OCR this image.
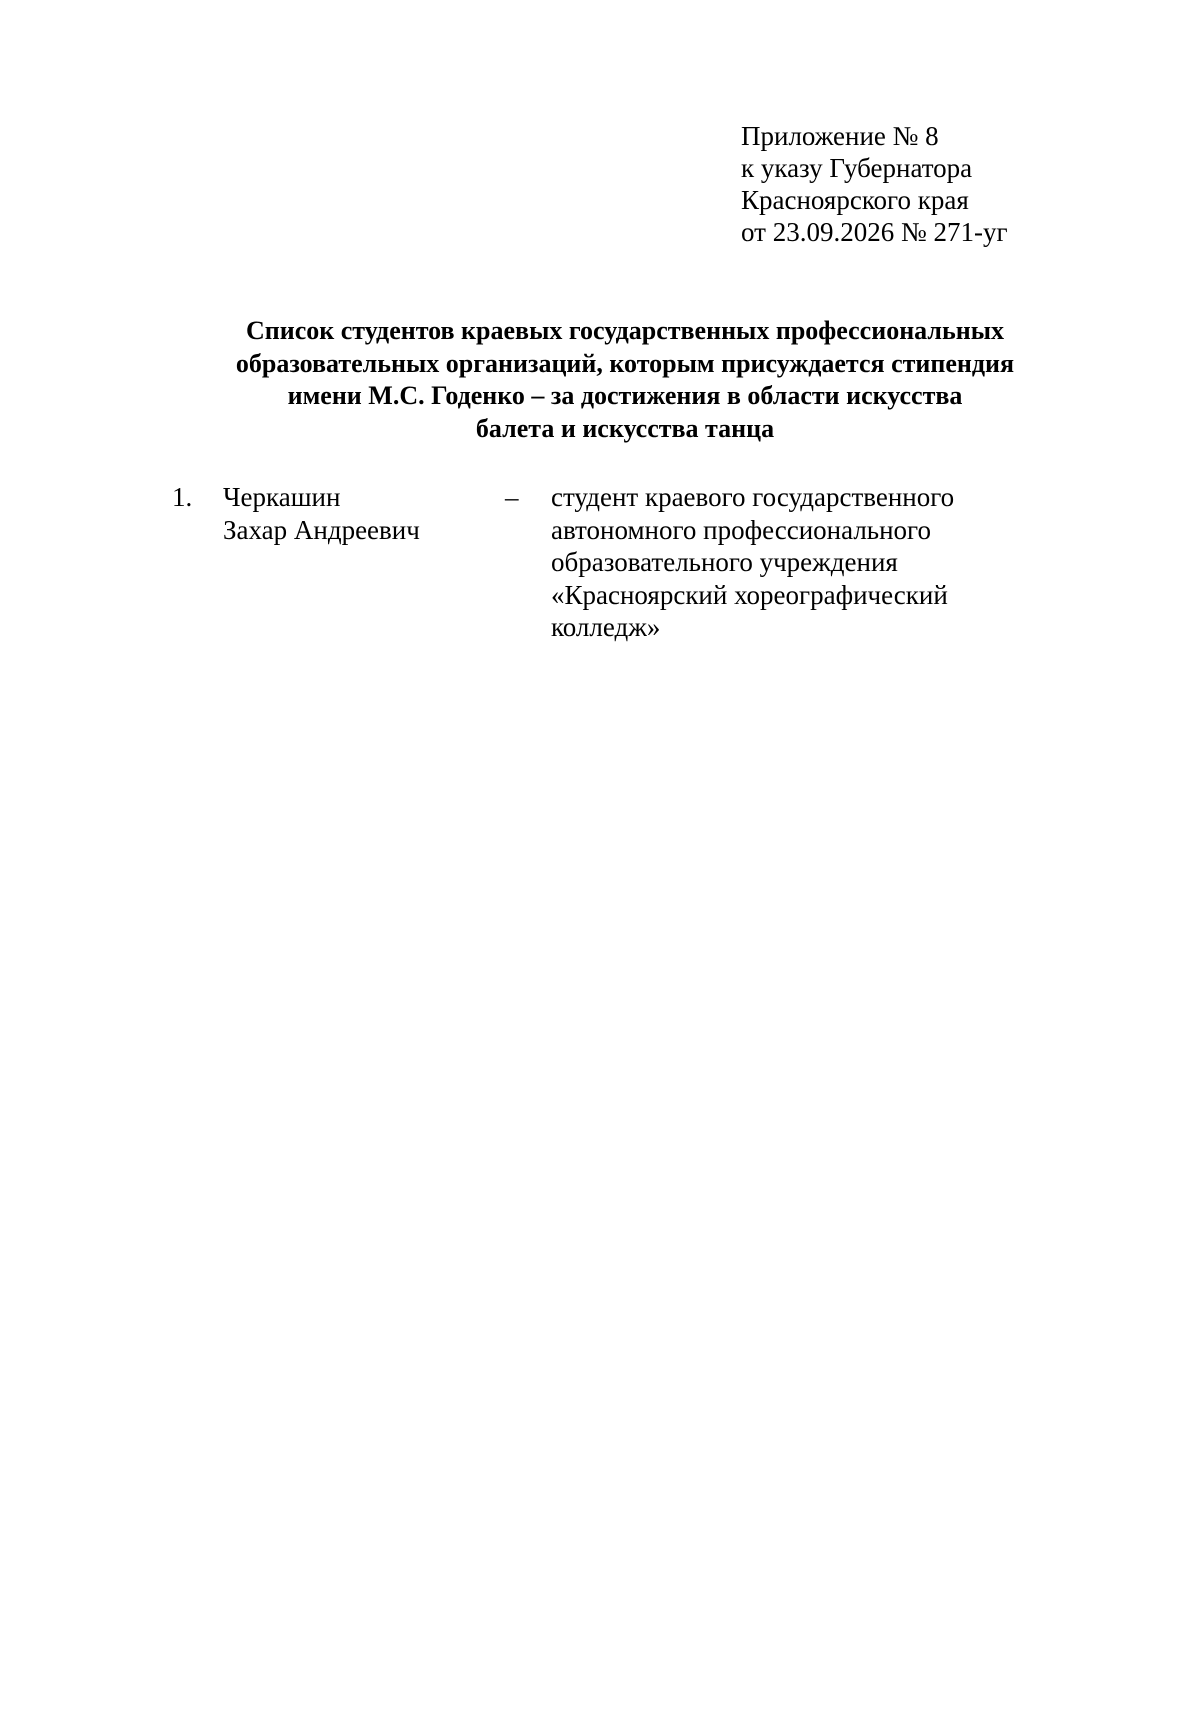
Приложение № 8
к указу Губернатора
Красноярского края
от 23.09.2026 № 271-уг
Список студентов краевых государственных профессиональных
образовательных организаций, которым присуждается стипендия
имени М.С. Годенко – за достижения в области искусства
балета и искусства танца
1. Черкашин
Захар Андреевич
– студент краевого государственного
автономного профессионального
образовательного учреждения
«Красноярский хореографический
колледж»
